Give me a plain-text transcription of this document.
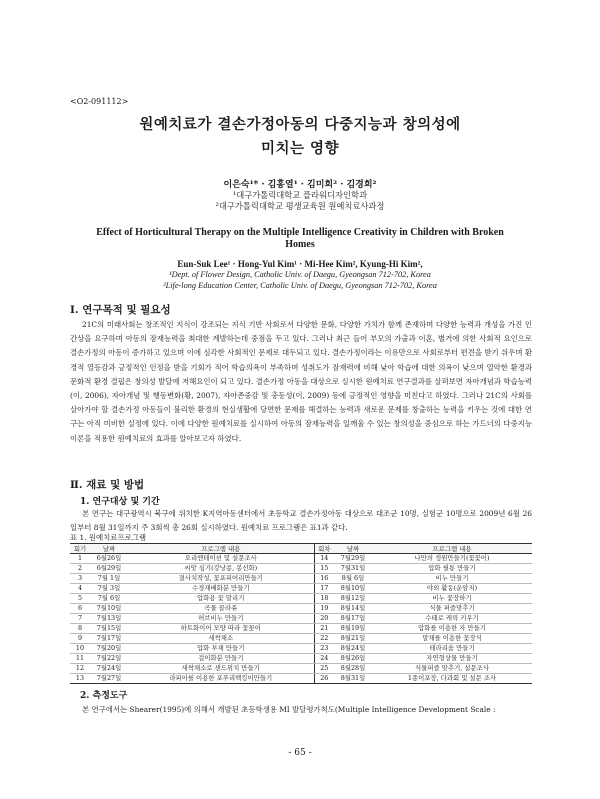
<O2-091112>
원예치료가 결손가정아동의 다중지능과 창의성에
미치는 영향
이은숙¹* · 김홍열¹ · 김미희² · 김경희²
¹대구가톨릭대학교 플라워디자인학과
²대구가톨릭대학교 평생교육원 원예치료사과정
Effect of Horticultural Therapy on the Multiple Intelligence Creativity in Children with Broken Homes
Eun-Suk Lee¹ · Hong-Yul Kim¹ · Mi-Hee Kim², Kyung-Hi Kim²,
¹Dept. of Flower Design, Catholic Univ. of Daegu, Gyeongsan 712-702, Korea
²Life-long Education Center, Catholic Univ. of Daegu, Gyeongsan 712-702, Korea
Ⅰ. 연구목적 및 필요성
21C의 미래사회는 창조적인 지식이 강조되는 지식 기반 사회로서 다양한 문화, 다양한 가치가 함께 존재하며 다양한 능력과 개성을 가진 인간상을 요구하며 아동의 잠재능력을 최대한 계발하는데 중점을 두고 있다. 그러나 최근 들어 부모의 가출과 이혼, 별거에 의한 사회적 요인으로 결손가정의 아동이 증가하고 있으며 이에 심각한 사회적인 문제로 대두되고 있다. 결손가정이라는 이유만으로 사회로부터 편견을 받기 쉬우며 환경적 열등감과 긍정적인 인정을 받을 기회가 적어 학습의욕이 부족하며 성취도가 잠재력에 비해 낮아 학습에 대한 의욕이 낮으며 열악한 환경과 문화적 환경 결핍은 창의성 발달에 저해요인이 되고 있다. 결손가정 아동을 대상으로 실시한 원예치료 연구결과를 살펴보면 자아개념과 학습능력(이, 2006), 자아개념 및 행동변화(황, 2007), 자아존중감 및 충동성(이, 2009) 등에 긍정적인 영향을 미친다고 하였다. 그러나 21C의 사회를 살아가야 할 결손가정 아동들이 불리한 환경의 현실생활에 당면한 문제를 해결하는 능력과 새로운 문제를 창출하는 능력을 키우는 것에 대한 연구는 아직 미비한 실정에 있다. 이에 다양한 원예치료를 실시하여 아동의 잠재능력을 일깨울 수 있는 창의성을 중심으로 하는 가드너의 다중지능이론을 적용한 원예치료의 효과를 알아보고자 하였다.
Ⅱ. 재료 및 방법
1. 연구대상 및 기간
본 연구는 대구광역시 북구에 위치한 K지역아동센터에서 초등학교 결손가정아동 대상으로 대조군 10명, 실험군 10명으로 2009년 6월 26일부터 8월 31일까지 주 3회씩 총 26회 실시하였다. 원예치료 프로그램은 표1과 같다.
표 1. 원예치료프로그램
회기	날짜	프로그램 내용	회차	날짜	프로그램 내용
1	6월26일	오리엔테이션 및 설문조사	14	7월29일	나만의 정원만들기(꽃꽃이)
2	6월29일	씨앗 심기(강낭콩, 봉선화)	15	7월31일	압화 필통 만들기
3	7월 1일	결사치작성, 꽃포피어리만들기	16	8월 6일	비누 만들기
4	7월 3일	수경재배화분 만들기	17	8월10일	야외 활동(운암지)
5	7월 6일	압화용 꽃 말리기	18	8월12일	비누 꽃장하기
6	7월10일	곡물 꼴라쥬	19	8월14일	식물 퍼즐맞추기
7	7월13일	허브비누 만들기	20	8월17일	수태로 캐릭 키우기
8	7월15일	하트화이어 모양 따라 꽃꽂이	21	8월19일	압화를 이용한 자 만들기
9	7월17일	새싹채소	22	8월21일	말채를 이용한 꽃장식
10	7월20일	압화 부채 만들기	23	8월24일	테라리움 만들기
11	7월22일	걸이화분 만들기	24	8월26일	자연형상물 만들기
12	7월24일	새싹채소로 샌드위치 만들기	25	8월28일	식물퍼즐 맞추기, 설문조사
13	7월27일	라피아를 이용한 포푸리백킹이만들기	26	8월31일	1종이포장, 다과회 및 설문 조사
2. 측정도구
본 연구에서는 Shearer(1995)에 의해서 개발된 초등학생용 MI 발달평가척도(Multiple Intelligence Development Scale :
- 65 -
